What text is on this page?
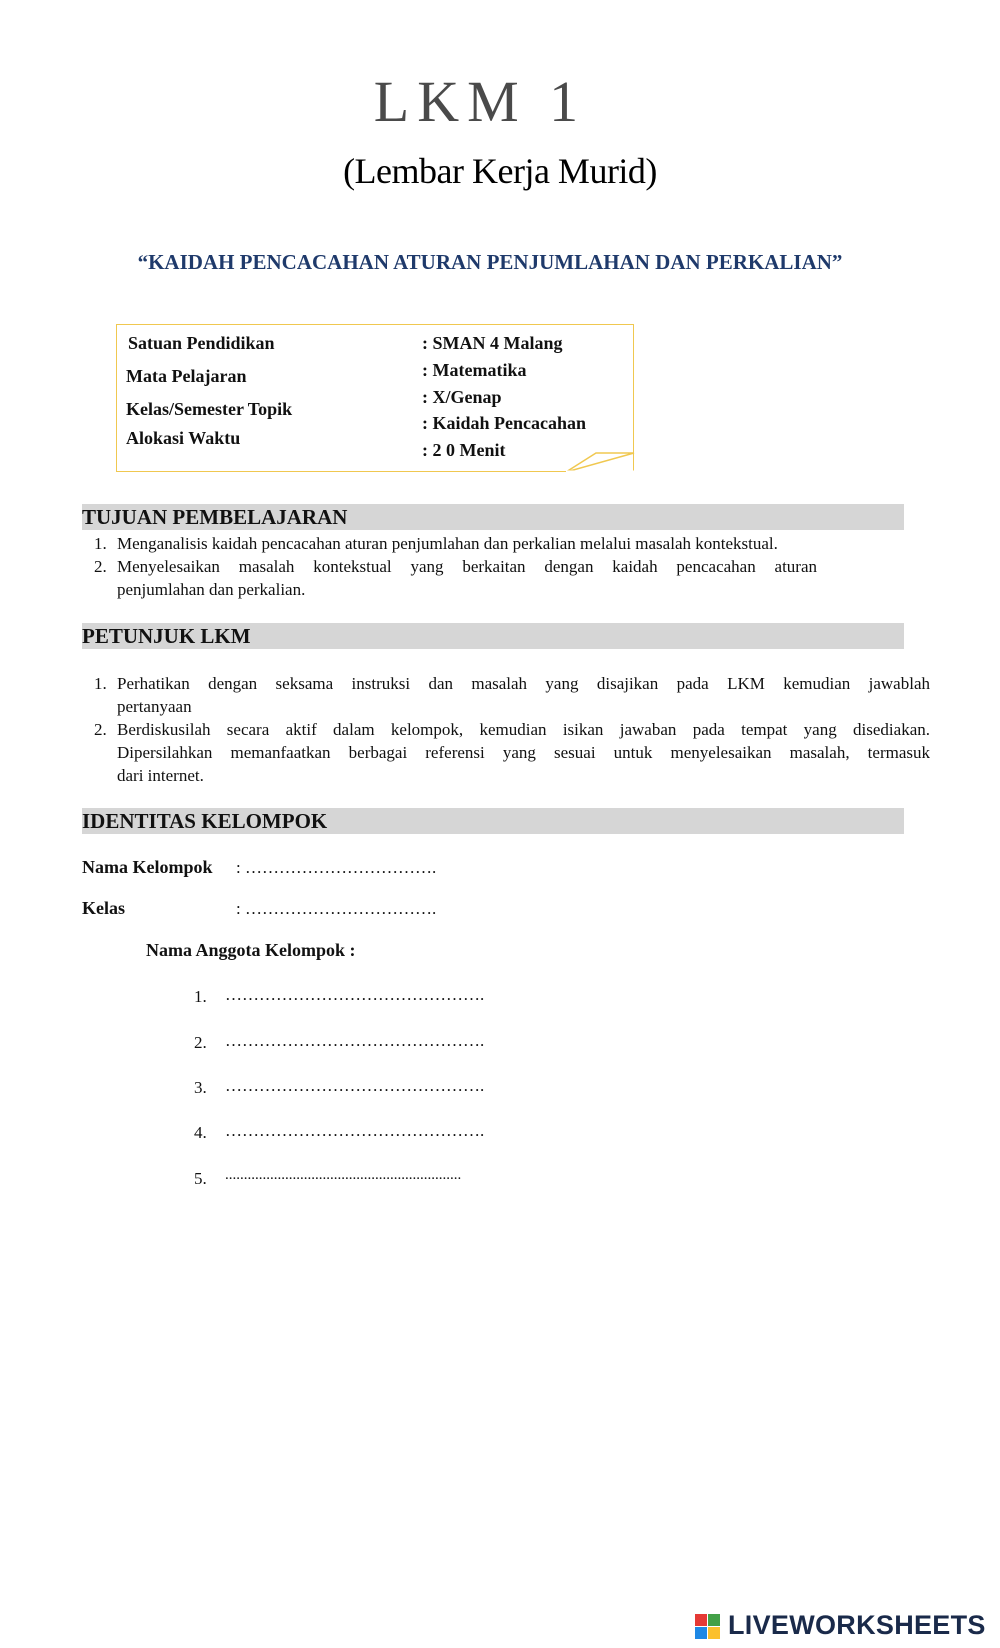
LKM 1
(Lembar Kerja Murid)
“KAIDAH PENCACAHAN ATURAN PENJUMLAHAN DAN PERKALIAN”
Satuan Pendidikan
Mata Pelajaran
Kelas/Semester Topik
Alokasi Waktu
: SMAN 4 Malang
: Matematika
: X/Genap
: Kaidah Pencacahan
: 2 0 Menit
TUJUAN PEMBELAJARAN
1. Menganalisis kaidah pencacahan aturan penjumlahan dan perkalian melalui masalah kontekstual.
2. Menyelesaikan masalah kontekstual yang berkaitan dengan kaidah pencacahan aturan
penjumlahan dan perkalian.
PETUNJUK LKM
1. Perhatikan dengan seksama instruksi dan masalah yang disajikan pada LKM kemudian jawablah
pertanyaan
2. Berdiskusilah secara aktif dalam kelompok, kemudian isikan jawaban pada tempat yang disediakan.
Dipersilahkan memanfaatkan berbagai referensi yang sesuai untuk menyelesaikan masalah, termasuk
dari internet.
IDENTITAS KELOMPOK
Nama Kelompok : …………………………….
Kelas	: …………………………….
Nama Anggota Kelompok :
1. ……………………………………….
2. ……………………………………….
3. ……………………………………….
4. ……………………………………….
5. ...............................................................
LIVEWORKSHEETS
